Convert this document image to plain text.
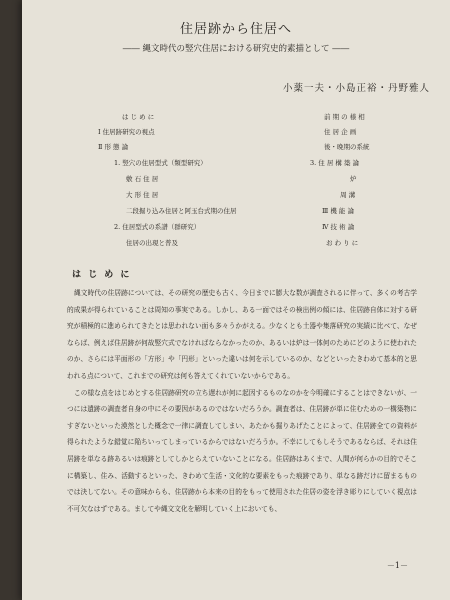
住居跡から住居へ
―― 縄文時代の竪穴住居における研究史的素描として ――
小薬一夫・小島正裕・丹野雅人
は じ め に	前 期 の 様 相
Ⅰ 住居跡研究の視点	住 居 企 画
Ⅱ 形 態 論	後・晩期の系統
1. 竪穴の住居型式（類型研究）	3. 住 居 構 築 論
敷 石 住 居	炉
大 形 住 居	周 溝
二段掘り込み住居と阿玉台式期の住居	Ⅲ 機 能 論
2. 住居型式の系譜（群研究）	Ⅳ 技 術 論
住居の出現と普及	お わ り に
は じ め に

縄文時代の住居跡については、その研究の歴史も古く、今日までに膨大な数が調査されるに伴って、多くの考古学的成果が得られていることは周知の事実である。しかし、ある一面ではその検出例の傾には、住居跡自体に対する研究が積極的に進められてきたとは思われない面も多々うかがえる。少なくとも土器や集落研究の実績に比べて、なぜならば、例えば住居跡が何故竪穴式でなければならなかったのか、あるいは炉は一体何のためにどのように使われたのか、さらには平面形の「方形」や「円形」といった違いは何を示しているのか、などといったきわめて基本的と思われる点について、これまでの研究は何も答えてくれていないからである。

この様な点をはじめとする住居跡研究の立ち遅れが何に起因するものなのかを今明確にすることはできないが、一つには遺跡の調査者自身の中にその要因があるのではないだろうか。調査者は、住居跡が単に住むための一構築物にすぎないといった漠然とした概念で一律に調査してしまい、あたかも掘りあげたことによって、住居跡全ての資料が得られたような錯覚に陥ちいってしまっているからではないだろうか。不幸にしてもしそうであるならば、それは住居跡を単なる跡あるいは痕跡としてしかとらえていないことになる。住居跡はあくまで、人間が何らかの目的でそこに構築し、住み、活動するといった、きわめて生活・文化的な要素をもった痕跡であり、単なる跡だけに留まるものでは決してない。その意味からも、住居跡から本来の目的をもって使用された住居の姿を浮き彫りにしていく視点は不可欠なはずである。ましてや縄文文化を解明していく上においても、

－1－
